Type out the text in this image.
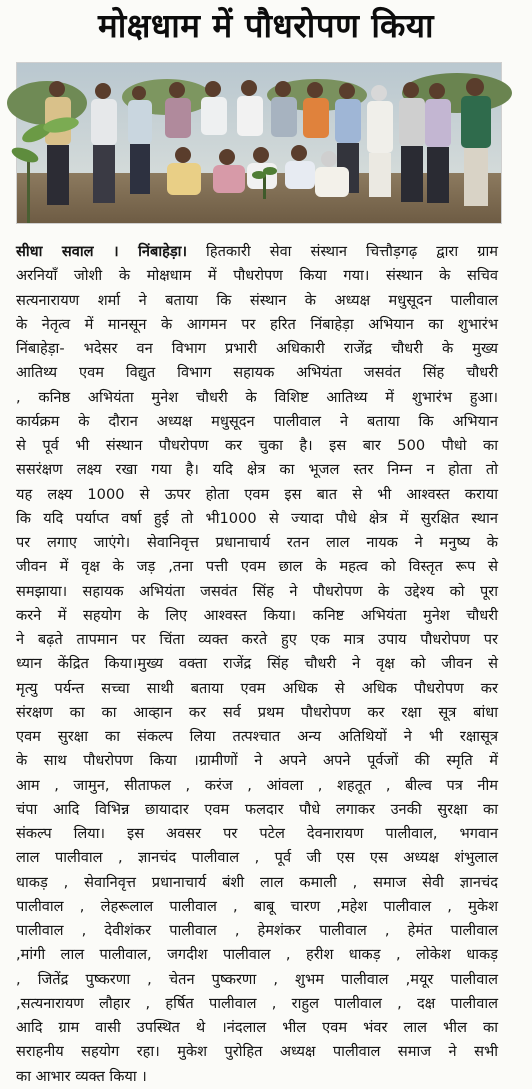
मोक्षधाम में पौधरोपण किया
सीधा सवाल । निंबाहेड़ा। हितकारी सेवा संस्थान चित्तौड़गढ़ द्वारा ग्राम
अरनियाँ जोशी के मोक्षधाम में पौधरोपण किया गया। संस्थान के सचिव
सत्यनारायण शर्मा ने बताया कि संस्थान के अध्यक्ष मधुसूदन पालीवाल
के नेतृत्व में मानसून के आगमन पर हरित निंबाहेड़ा अभियान का शुभारंभ
निंबाहेड़ा- भदेसर वन विभाग प्रभारी अधिकारी राजेंद्र चौधरी के मुख्य
आतिथ्य एवम विद्युत विभाग सहायक अभियंता जसवंत सिंह चौधरी
, कनिष्ठ अभियंता मुनेश चौधरी के विशिष्ट आतिथ्य में शुभारंभ हुआ।
कार्यक्रम के दौरान अध्यक्ष मधुसूदन पालीवाल ने बताया कि अभियान
से पूर्व भी संस्थान पौधरोपण कर चुका है। इस बार 500 पौधो का
ससरंक्षण लक्ष्य रखा गया है। यदि क्षेत्र का भूजल स्तर निम्न न होता तो
यह लक्ष्य 1000 से ऊपर होता एवम इस बात से भी आश्वस्त कराया
कि यदि पर्याप्त वर्षा हुई तो भी1000 से ज्यादा पौधे क्षेत्र में सुरक्षित स्थान
पर लगाए जाएंगे। सेवानिवृत्त प्रधानाचार्य रतन लाल नायक ने मनुष्य के
जीवन में वृक्ष के जड़ ,तना पत्ती एवम छाल के महत्व को विस्तृत रूप से
समझाया। सहायक अभियंता जसवंत सिंह ने पौधरोपण के उद्देश्य को पूरा
करने में सहयोग के लिए आश्वस्त किया। कनिष्ट अभियंता मुनेश चौधरी
ने बढ़ते तापमान पर चिंता व्यक्त करते हुए एक मात्र उपाय पौधरोपण पर
ध्यान केंद्रित किया।मुख्य वक्ता राजेंद्र सिंह चौधरी ने वृक्ष को जीवन से
मृत्यु पर्यन्त सच्चा साथी बताया एवम अधिक से अधिक पौधरोपण कर
संरक्षण का का आव्हान कर सर्व प्रथम पौधरोपण कर रक्षा सूत्र बांधा
एवम सुरक्षा का संकल्प लिया तत्पश्चात अन्य अतिथियों ने भी रक्षासूत्र
के साथ पौधरोपण किया ।ग्रामीणों ने अपने अपने पूर्वजों की स्मृति में
आम , जामुन, सीताफल , करंज , आंवला , शहतूत , बील्व पत्र नीम
चंपा आदि विभिन्न छायादार एवम फलदार पौधे लगाकर उनकी सुरक्षा का
संकल्प लिया। इस अवसर पर पटेल देवनारायण पालीवाल, भगवान
लाल पालीवाल , ज्ञानचंद पालीवाल , पूर्व जी एस एस अध्यक्ष शंभुलाल
धाकड़ , सेवानिवृत्त प्रधानाचार्य बंशी लाल कमाली , समाज सेवी ज्ञानचंद
पालीवाल , लेहरूलाल पालीवाल , बाबू चारण ,महेश पालीवाल , मुकेश
पालीवाल , देवीशंकर पालीवाल , हेमशंकर पालीवाल , हेमंत पालीवाल
,मांगी लाल पालीवाल, जगदीश पालीवाल , हरीश धाकड़ , लोकेश धाकड़
, जितेंद्र पुष्करणा , चेतन पुष्करणा , शुभम पालीवाल ,मयूर पालीवाल
,सत्यनारायण लौहार , हर्षित पालीवाल , राहुल पालीवाल , दक्ष पालीवाल
आदि ग्राम वासी उपस्थित थे ।नंदलाल भील एवम भंवर लाल भील का
सराहनीय सहयोग रहा। मुकेश पुरोहित अध्यक्ष पालीवाल समाज ने सभी
का आभार व्यक्त किया ।
